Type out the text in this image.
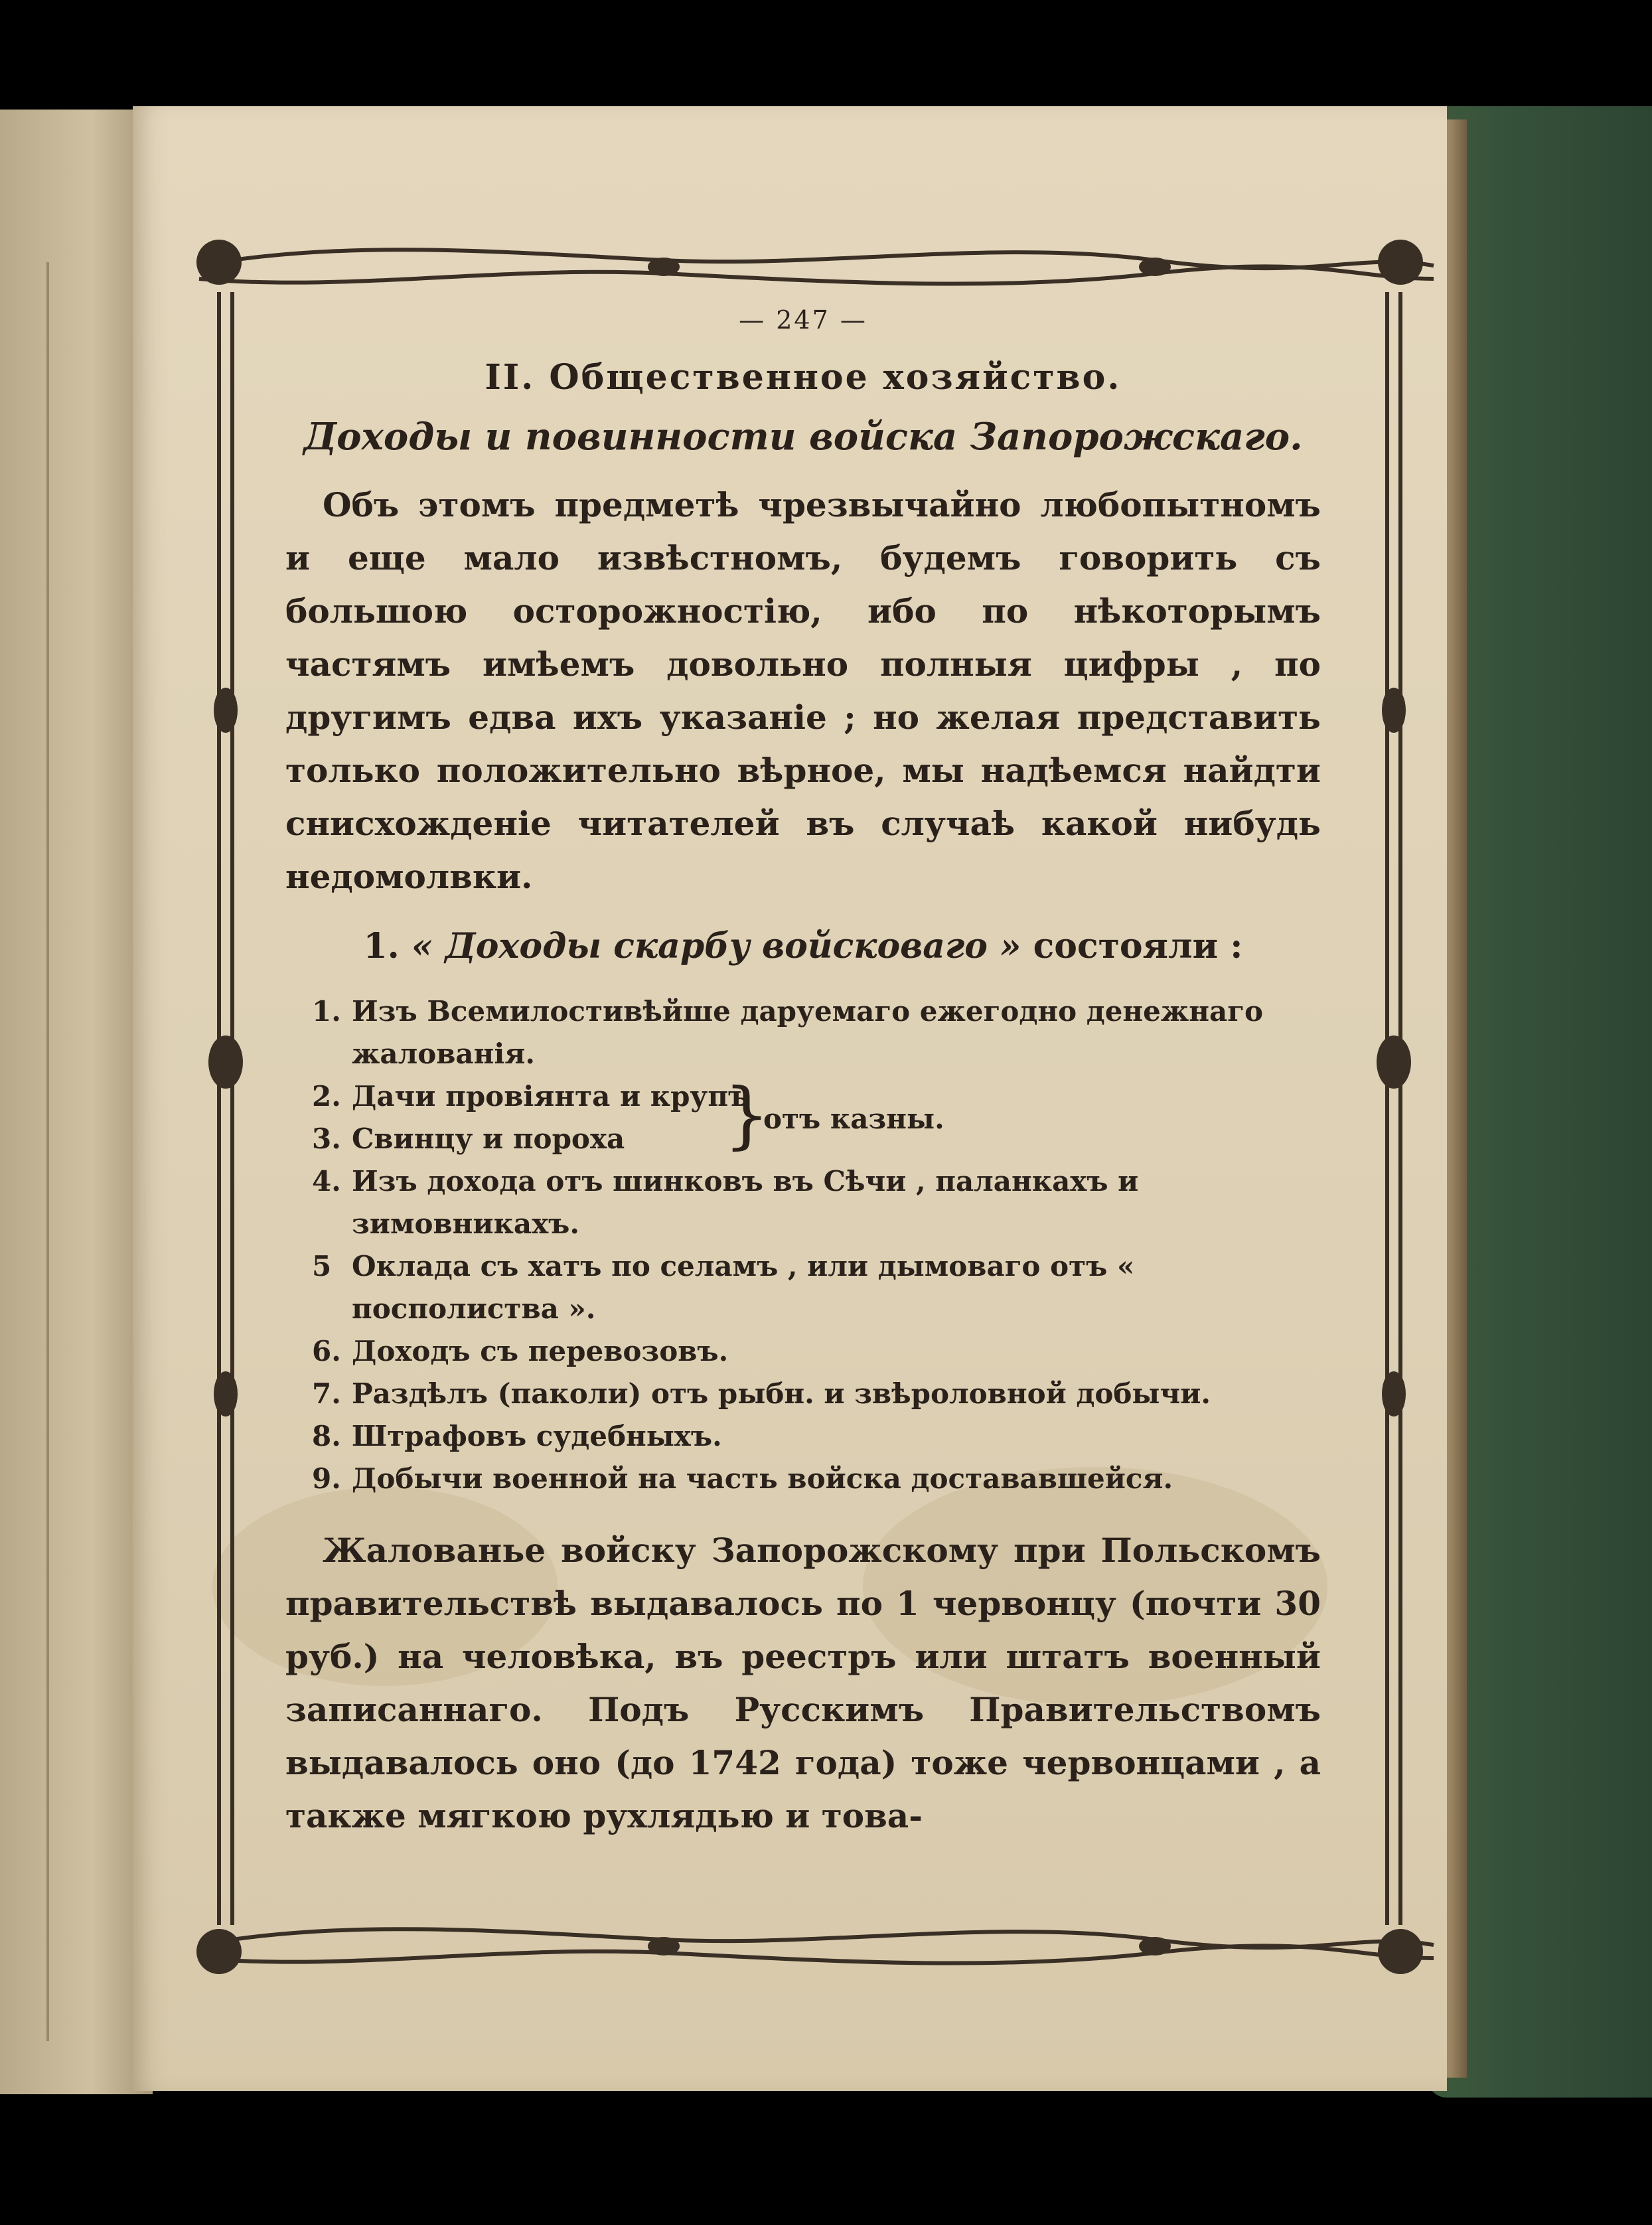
— 247 —
II. Общественное хозяйство.
Доходы и повинности войска Запорожскаго.
Объ этомъ предметѣ чрезвычайно любопытномъ и еще мало извѣстномъ, будемъ говорить съ большою осторожностію, ибо по нѣкоторымъ частямъ имѣемъ довольно полныя цифры , по другимъ едва ихъ указаніе ; но желая представить только положительно вѣрное, мы надѣемся найдти снисхожденіе читателей въ случаѣ какой нибудь недомолвки.
1. « Доходы скарбу войсковаго » состояли :
1. Изъ Всемилостивѣйше даруемаго ежегодно денежнаго жалованія.
2. Дачи провіянта и крупъ
3. Свинцу и пороха	}
отъ казны.
4. Изъ дохода отъ шинковъ въ Сѣчи , паланкахъ и зимовникахъ.
5 Оклада съ хатъ по селамъ , или дымоваго отъ « посполиства ».
6. Доходъ съ перевозовъ.
7. Раздѣлъ (паколи) отъ рыбн. и звѣроловной добычи.
8. Штрафовъ судебныхъ.
9. Добычи военной на часть войска достававшейся.
Жалованье войску Запорожскому при Польскомъ правительствѣ выдавалось по 1 червонцу (почти 30 руб.) на человѣка, въ реестръ или штатъ военный записаннаго. Подъ Русскимъ Правительствомъ выдавалось оно (до 1742 года) тоже червонцами , а также мягкою рухлядью и това-
